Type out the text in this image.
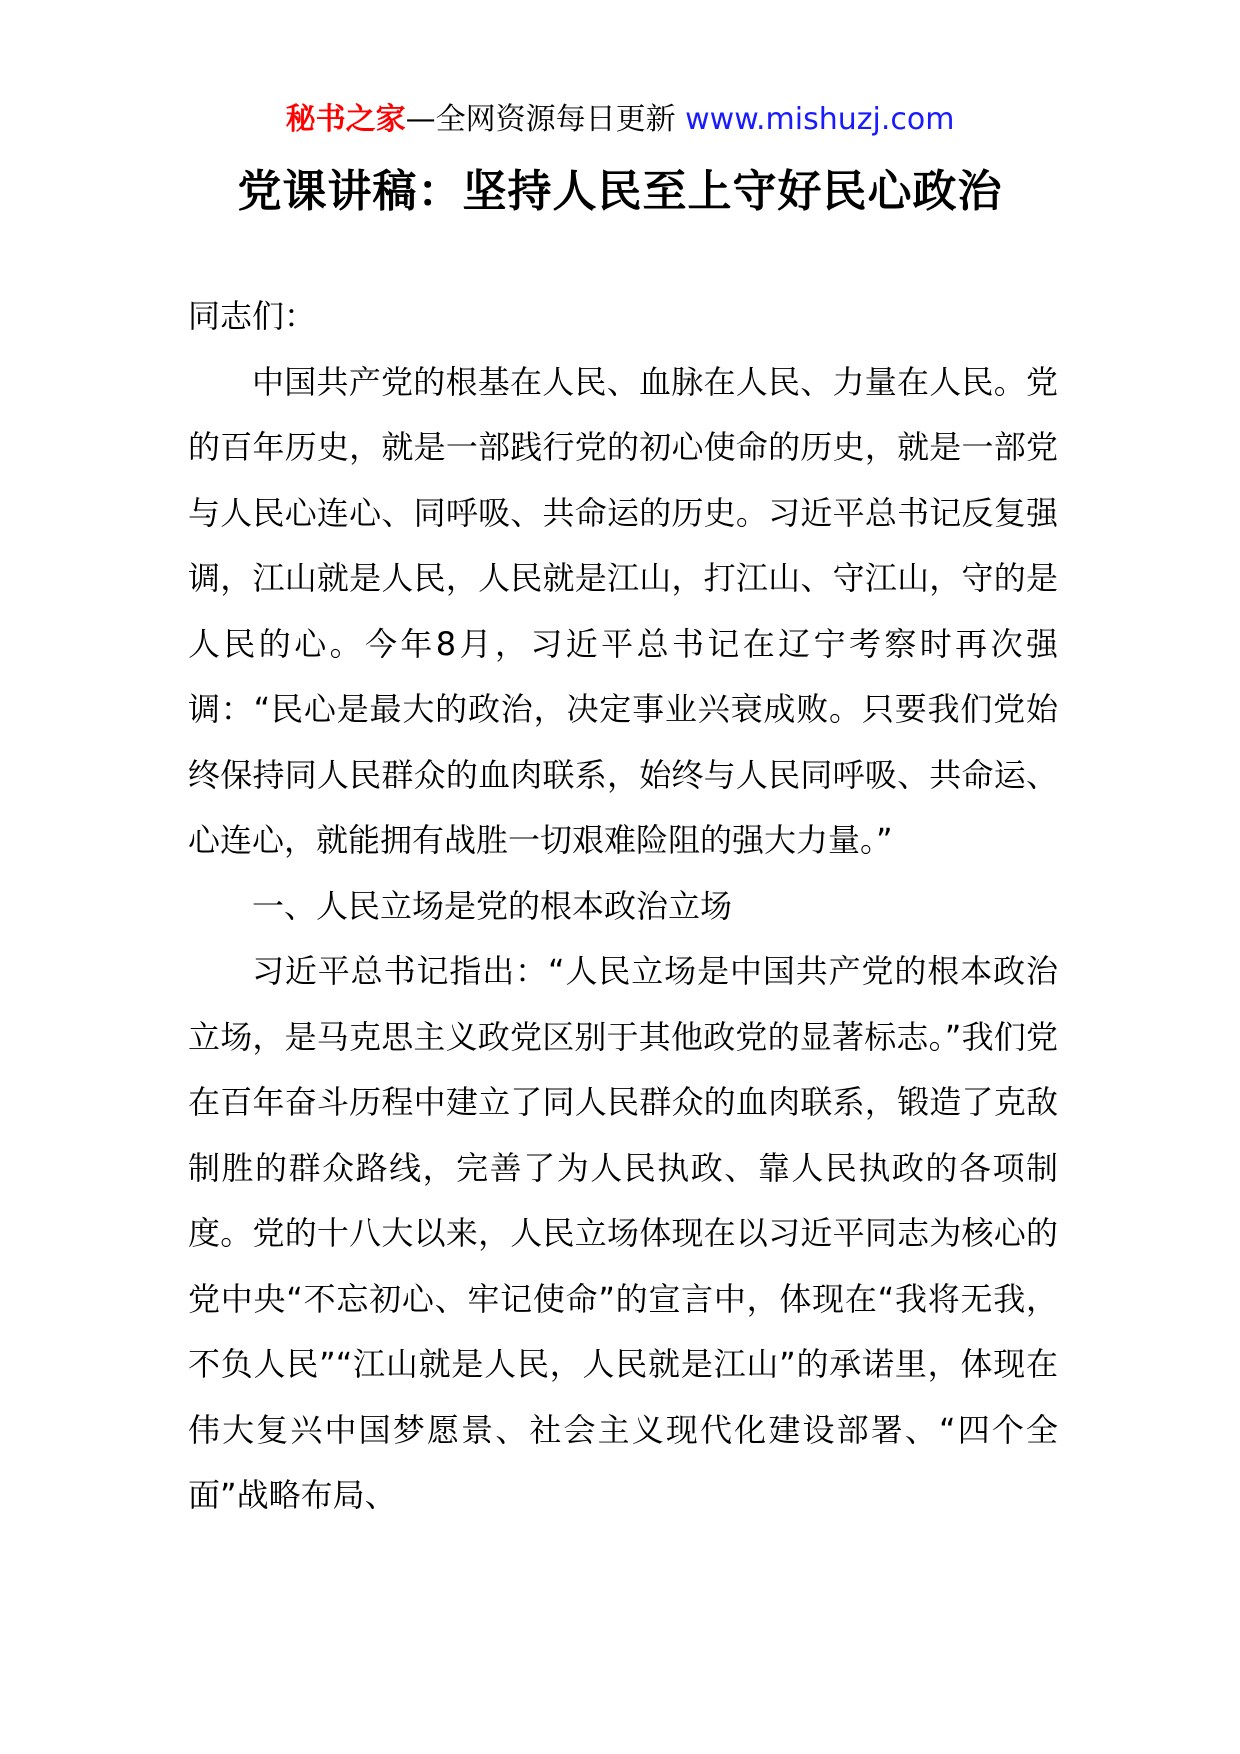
秘书之家—全网资源每日更新 www.mishuzj.com
党课讲稿：坚持人民至上守好民心政治

同志们：

中国共产党的根基在人民、血脉在人民、力量在人民。党的百年历史，就是一部践行党的初心使命的历史，就是一部党与人民心连心、同呼吸、共命运的历史。习近平总书记反复强调，江山就是人民，人民就是江山，打江山、守江山，守的是人民的心。今年8月，习近平总书记在辽宁考察时再次强调：“民心是最大的政治，决定事业兴衰成败。只要我们党始终保持同人民群众的血肉联系，始终与人民同呼吸、共命运、心连心，就能拥有战胜一切艰难险阻的强大力量。”

一、人民立场是党的根本政治立场

习近平总书记指出：“人民立场是中国共产党的根本政治立场，是马克思主义政党区别于其他政党的显著标志。”我们党在百年奋斗历程中建立了同人民群众的血肉联系，锻造了克敌制胜的群众路线，完善了为人民执政、靠人民执政的各项制度。党的十八大以来，人民立场体现在以习近平同志为核心的党中央“不忘初心、牢记使命”的宣言中，体现在“我将无我，不负人民”“江山就是人民，人民就是江山”的承诺里，体现在伟大复兴中国梦愿景、社会主义现代化建设部署、“四个全面”战略布局、
